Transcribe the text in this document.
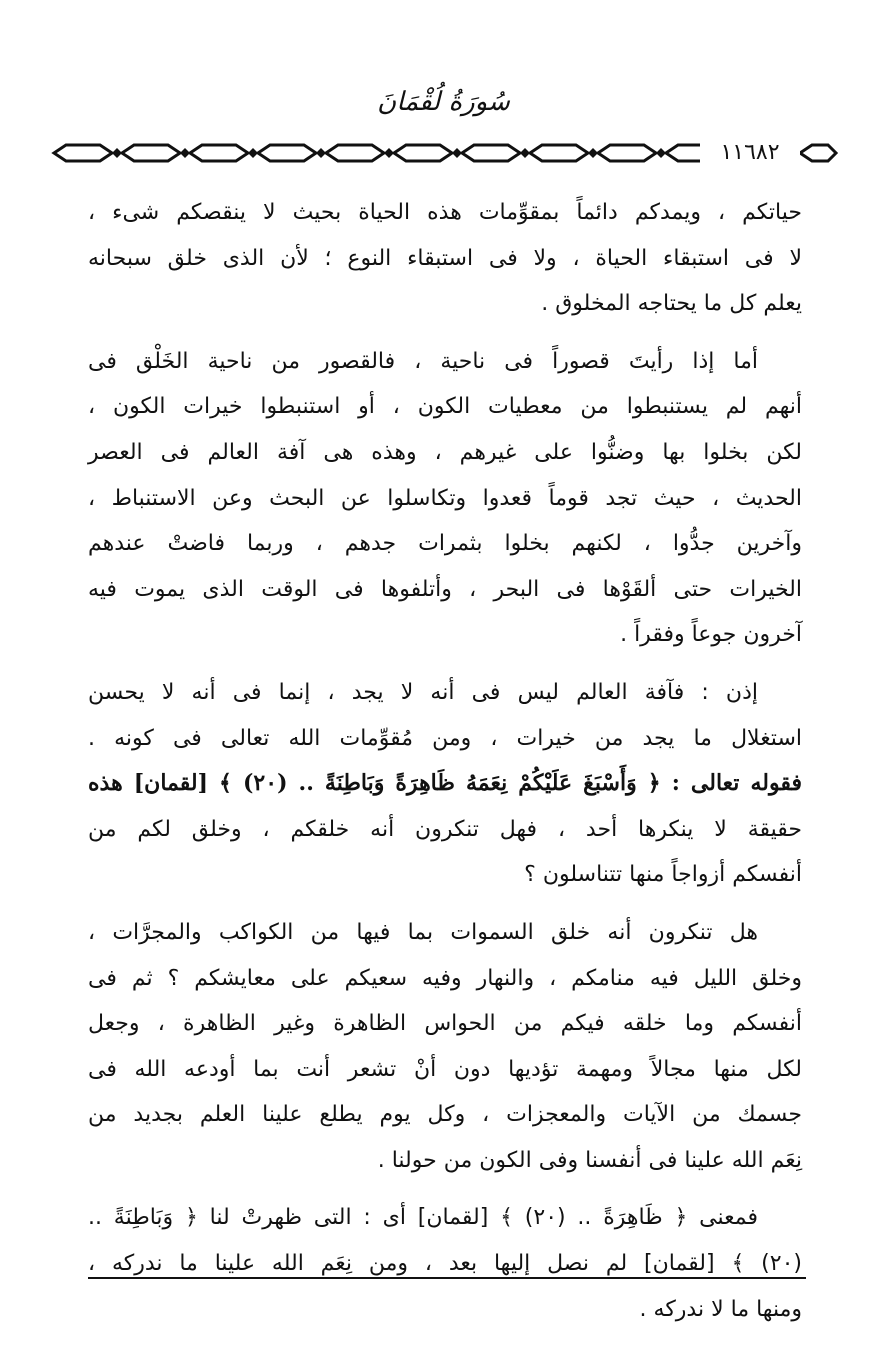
سُورَةُ لُقْمَانَ
١١٦٨٢
حياتكم ، ويمدكم دائماً بمقوِّمات هذه الحياة بحيث لا ينقصكم شىء ،
لا فى استبقاء الحياة ، ولا فى استبقاء النوع ؛ لأن الذى خلق سبحانه
يعلم كل ما يحتاجه المخلوق .
أما إذا رأيتَ قصوراً فى ناحية ، فالقصور من ناحية الخَلْق فى
أنهم لم يستنبطوا من معطيات الكون ، أو استنبطوا خيرات الكون ،
لكن بخلوا بها وضنُّوا على غيرهم ، وهذه هى آفة العالم فى العصر
الحديث ، حيث تجد قوماً قعدوا وتكاسلوا عن البحث وعن الاستنباط ،
وآخرين جدُّوا ، لكنهم بخلوا بثمرات جدهم ، وربما فاضتْ عندهم
الخيرات حتى ألقَوْها فى البحر ، وأتلفوها فى الوقت الذى يموت فيه
آخرون جوعاً وفقراً .
إذن : فآفة العالم ليس فى أنه لا يجد ، إنما فى أنه لا يحسن
استغلال ما يجد من خيرات ، ومن مُقوِّمات الله تعالى فى كونه .
فقوله تعالى : ﴿ وَأَسْبَغَ عَلَيْكُمْ نِعَمَهُ ظَاهِرَةً وَبَاطِنَةً .. (٢٠) ﴾ [لقمان] هذه
حقيقة لا ينكرها أحد ، فهل تنكرون أنه خلقكم ، وخلق لكم من
أنفسكم أزواجاً منها تتناسلون ؟
هل تنكرون أنه خلق السموات بما فيها من الكواكب والمجرَّات ،
وخلق الليل فيه منامكم ، والنهار وفيه سعيكم على معايشكم ؟ ثم فى
أنفسكم وما خلقه فيكم من الحواس الظاهرة وغير الظاهرة ، وجعل
لكل منها مجالاً ومهمة تؤديها دون أنْ تشعر أنت بما أودعه الله فى
جسمك من الآيات والمعجزات ، وكل يوم يطلع علينا العلم بجديد من
نِعَم الله علينا فى أنفسنا وفى الكون من حولنا .
فمعنى ﴿ ظَاهِرَةً .. (٢٠) ﴾ [لقمان] أى : التى ظهرتْ لنا ﴿ وَبَاطِنَةً ..
(٢٠) ﴾ [لقمان] لم نصل إليها بعد ، ومن نِعَم الله علينا ما ندركه ،
ومنها ما لا ندركه .
